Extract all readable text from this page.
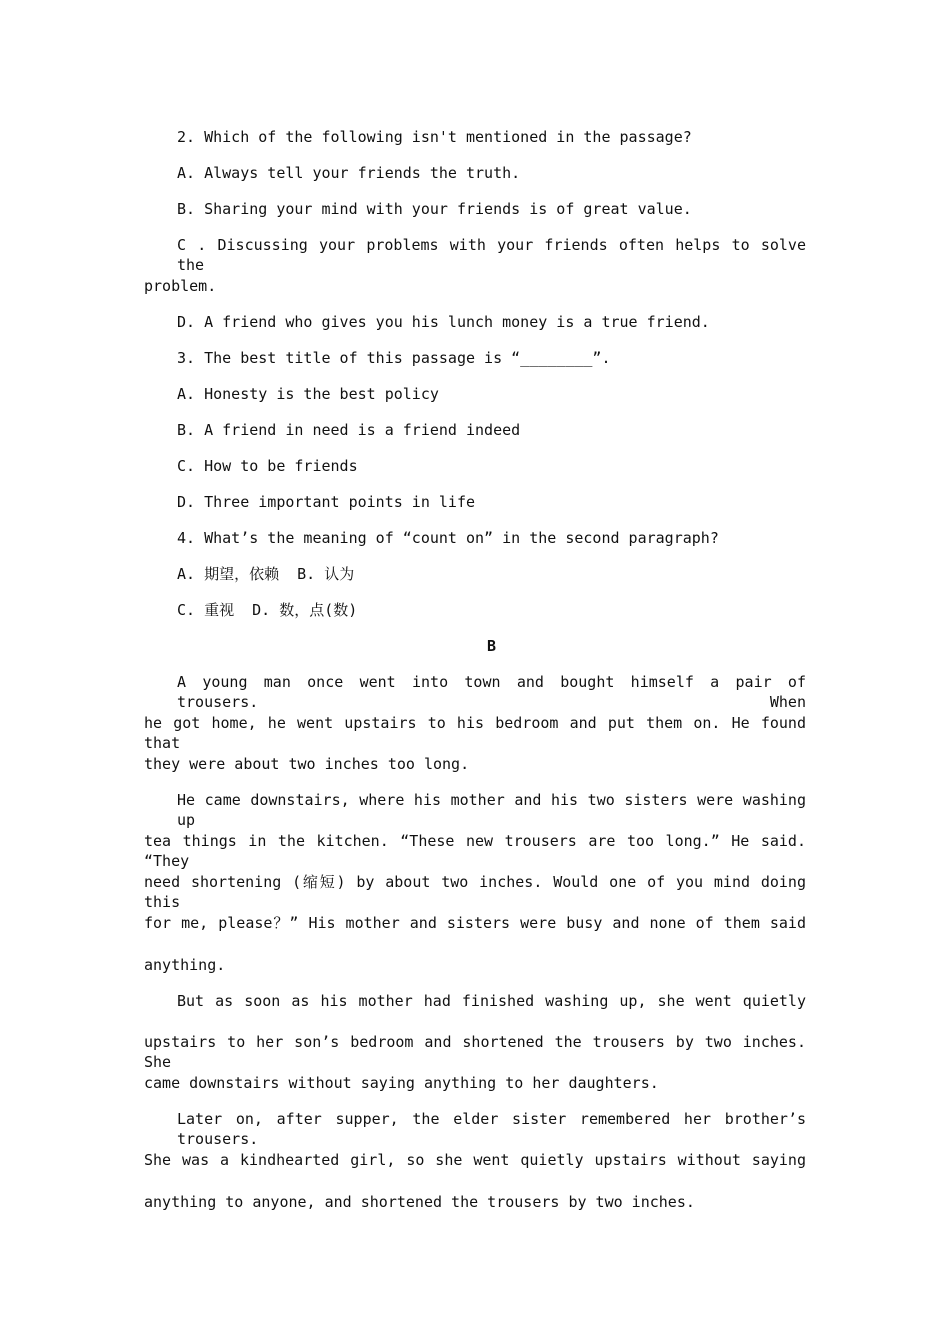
2. Which of the following isn't mentioned in the passage?
A. Always tell your friends the truth.
B. Sharing your mind with your friends is of great value.
C . Discussing your problems with your friends often helps to solve the
problem.
D. A friend who gives you his lunch money is a true friend.
3. The best title of this passage is “________”.
A. Honesty is the best policy
B. A friend in need is a friend indeed
C. How to be friends
D. Three important points in life
4. What’s the meaning of “count on” in the second paragraph?
A. 期望，依赖  B. 认为
C. 重视  D. 数，点(数)
B
A young man once went into town and bought himself a pair of trousers. When
he got home, he went upstairs to his bedroom and put them on. He found that
they were about two inches too long.
He came downstairs, where his mother and his two sisters were washing up
tea things in the kitchen. “These new trousers are too long.” He said. “They
need shortening (缩短) by about two inches. Would one of you mind doing this
for me, please？” His mother and sisters were busy and none of them said
anything.
But as soon as his mother had finished washing up, she went quietly
upstairs to her son’s bedroom and shortened the trousers by two inches. She
came downstairs without saying anything to her daughters.
Later on, after supper, the elder sister remembered her brother’s trousers.
She was a kindhearted girl, so she went quietly upstairs without saying
anything to anyone, and shortened the trousers by two inches.
